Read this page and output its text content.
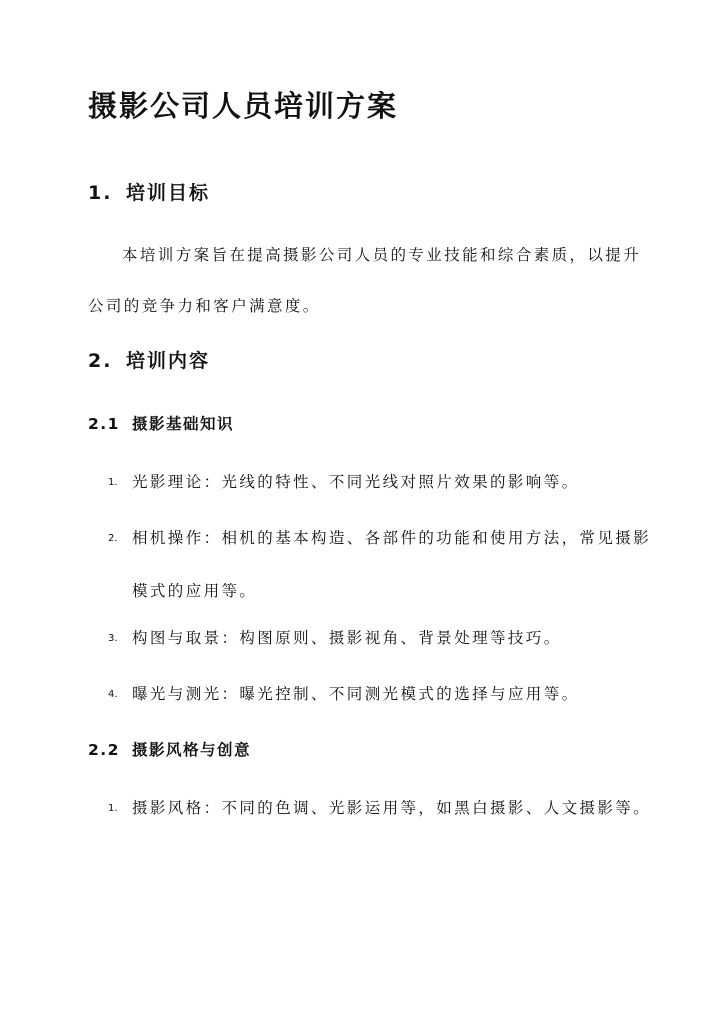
摄影公司人员培训方案
1. 培训目标
本培训方案旨在提高摄影公司人员的专业技能和综合素质，以提升公司的竞争力和客户满意度。
2. 培训内容
2.1 摄影基础知识
1. 光影理论：光线的特性、不同光线对照片效果的影响等。
2. 相机操作：相机的基本构造、各部件的功能和使用方法，常见摄影模式的应用等。
3. 构图与取景：构图原则、摄影视角、背景处理等技巧。
4. 曝光与测光：曝光控制、不同测光模式的选择与应用等。
2.2 摄影风格与创意
1. 摄影风格：不同的色调、光影运用等，如黑白摄影、人文摄影等。
